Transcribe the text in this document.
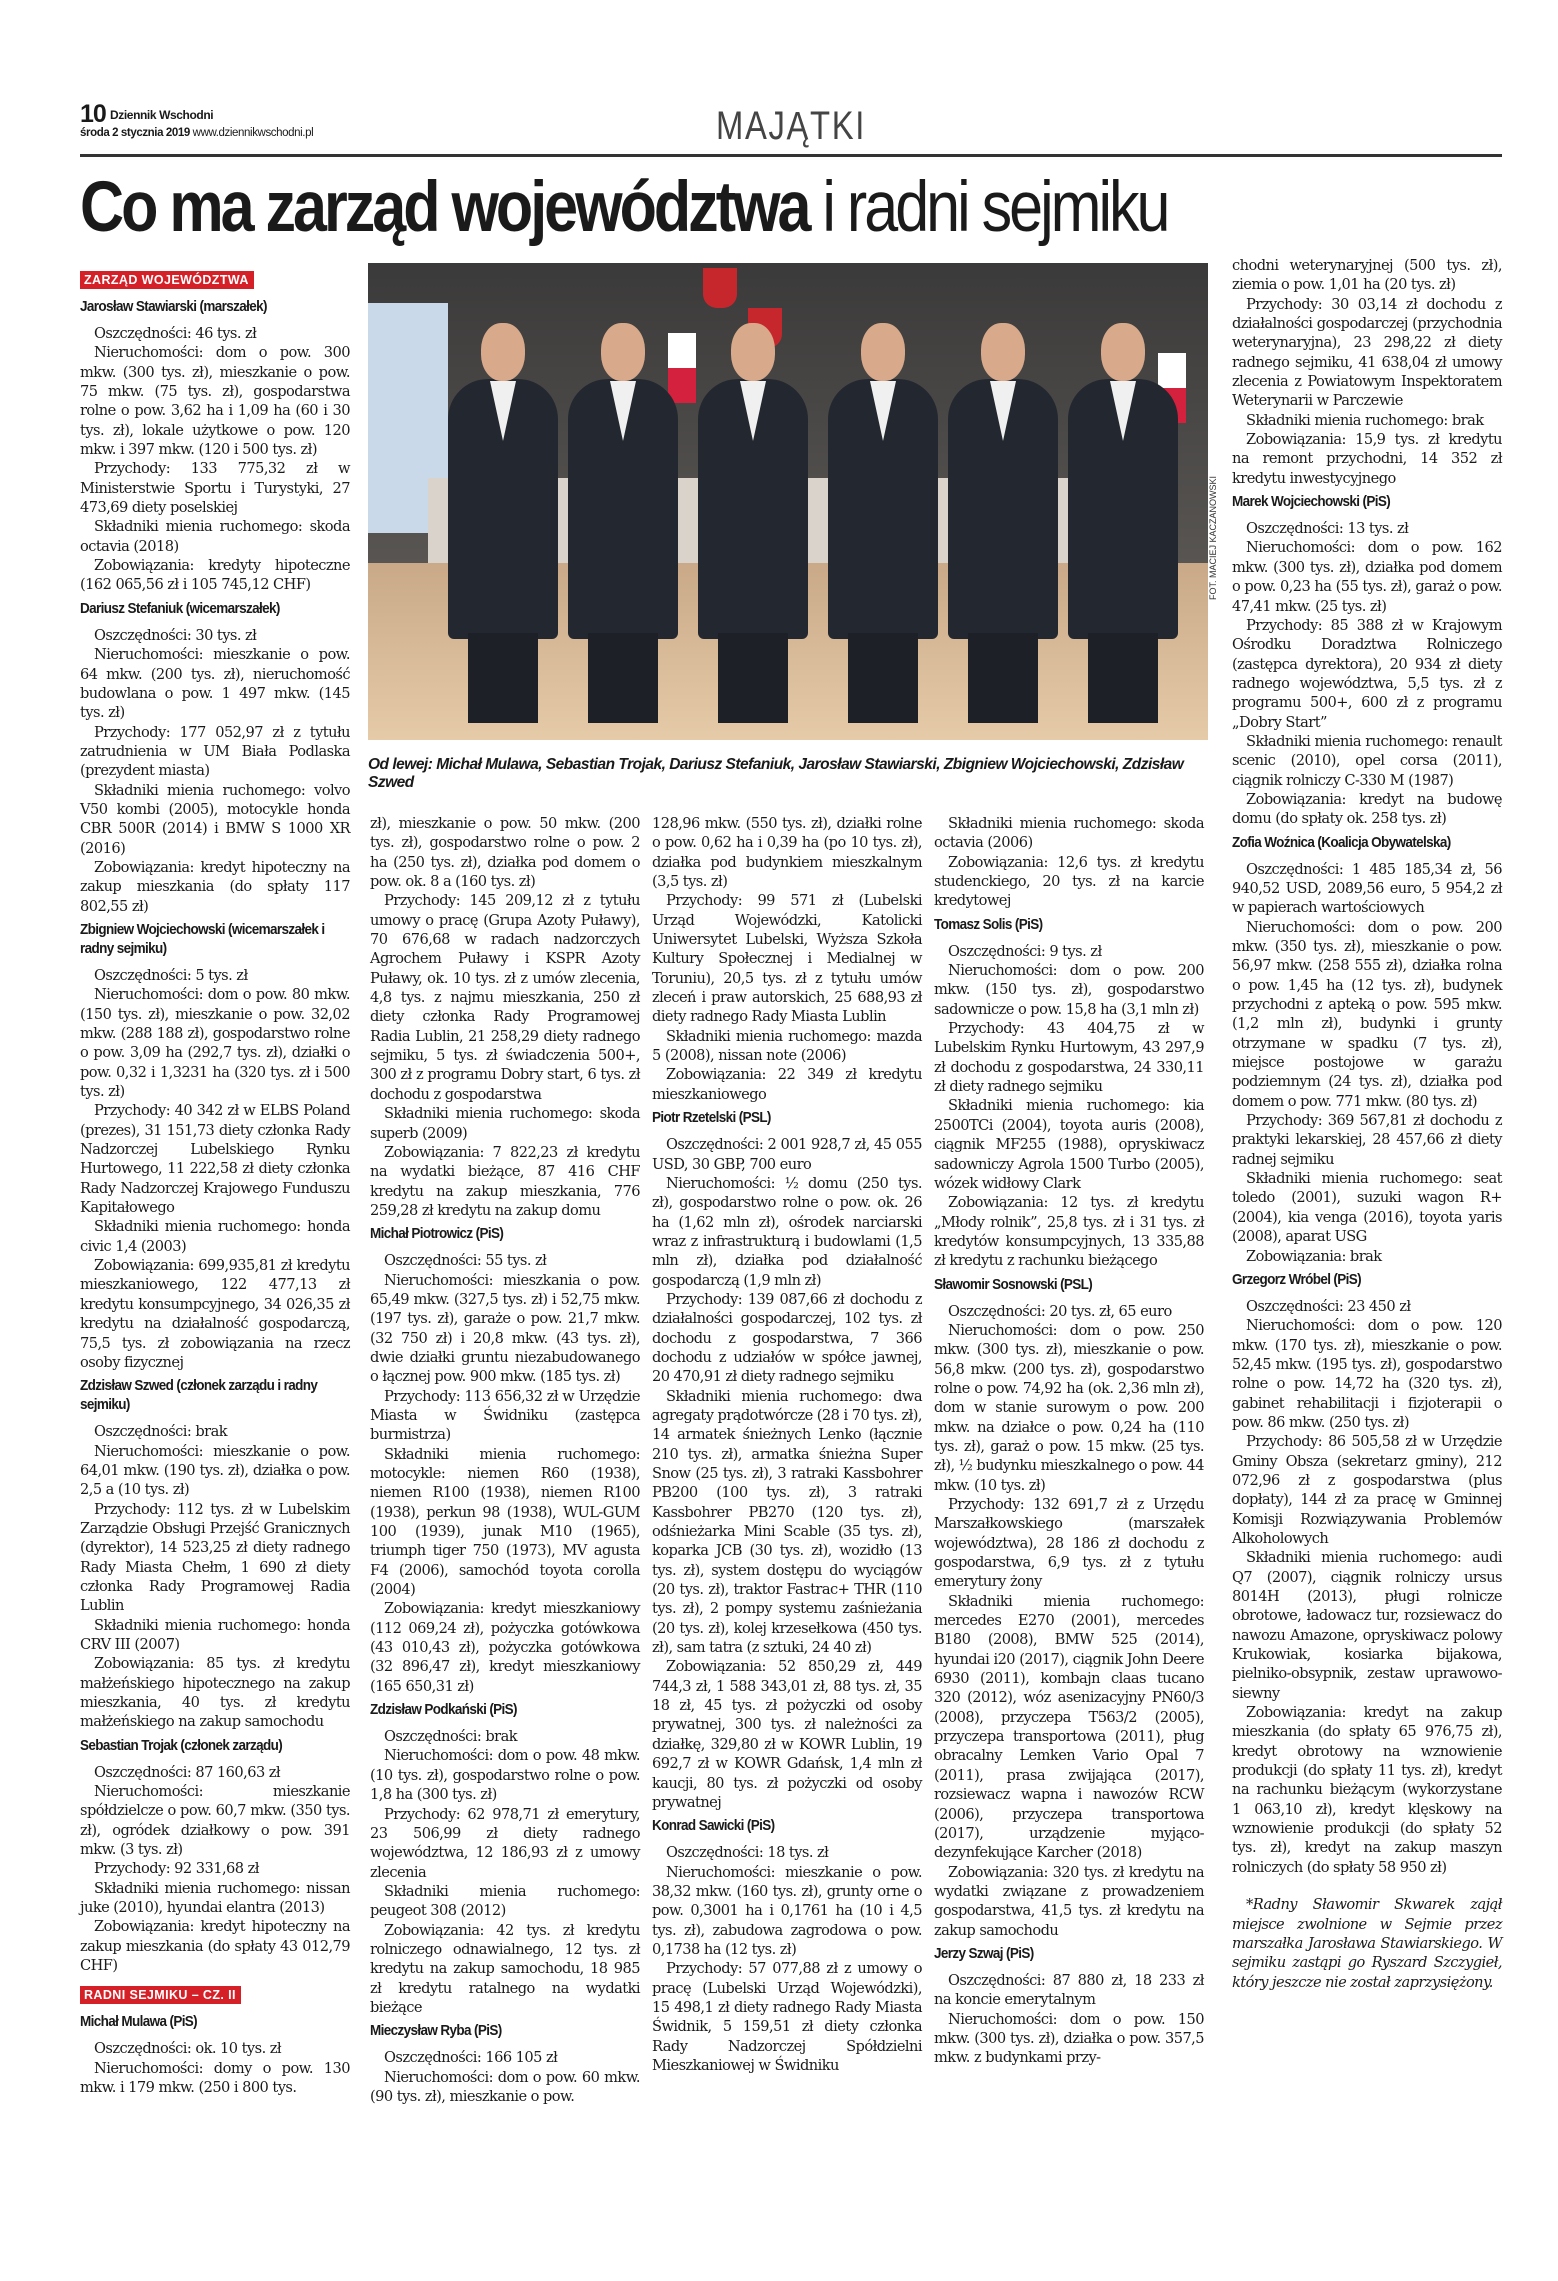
10 Dziennik Wschodni
środa 2 stycznia 2019 www.dziennikwschodni.pl	MAJĄTKI
Co ma zarząd województwa i radni sejmiku
FOT. MACIEJ KACZANOWSKI
Od lewej: Michał Mulawa, Sebastian Trojak, Dariusz Stefaniuk, Jarosław Stawiarski, Zbigniew Wojciechowski, Zdzisław Szwed
ZARZĄD WOJEWÓDZTWA
Jarosław Stawiarski (marszałek)

Oszczędności: 46 tys. zł

Nieruchomości: dom o pow. 300 mkw. (300 tys. zł), mieszkanie o pow. 75 mkw. (75 tys. zł), gospodarstwa rolne o pow. 3,62 ha i 1,09 ha (60 i 30 tys. zł), lokale użytkowe o pow. 120 mkw. i 397 mkw. (120 i 500 tys. zł)

Przychody: 133 775,32 zł w Ministerstwie Sportu i Turystyki, 27 473,69 diety poselskiej

Składniki mienia ruchomego: skoda octavia (2018)

Zobowiązania: kredyty hipoteczne (162 065,56 zł i 105 745,12 CHF)

Dariusz Stefaniuk (wicemarszałek)

Oszczędności: 30 tys. zł

Nieruchomości: mieszkanie o pow. 64 mkw. (200 tys. zł), nieruchomość budowlana o pow. 1 497 mkw. (145 tys. zł)

Przychody: 177 052,97 zł z tytułu zatrudnienia w UM Biała Podlaska (prezydent miasta)

Składniki mienia ruchomego: volvo V50 kombi (2005), motocykle honda CBR 500R (2014) i BMW S 1000 XR (2016)

Zobowiązania: kredyt hipoteczny na zakup mieszkania (do spłaty 117 802,55 zł)

Zbigniew Wojciechowski (wicemarszałek i radny sejmiku)

Oszczędności: 5 tys. zł

Nieruchomości: dom o pow. 80 mkw. (150 tys. zł), mieszkanie o pow. 32,02 mkw. (288 188 zł), gospodarstwo rolne o pow. 3,09 ha (292,7 tys. zł), działki o pow. 0,32 i 1,3231 ha (320 tys. zł i 500 tys. zł)

Przychody: 40 342 zł w ELBS Poland (prezes), 31 151,73 diety członka Rady Nadzorczej Lubelskiego Rynku Hurtowego, 11 222,58 zł diety członka Rady Nadzorczej Krajowego Funduszu Kapitałowego

Składniki mienia ruchomego: honda civic 1,4 (2003)

Zobowiązania: 699,935,81 zł kredytu mieszkaniowego, 122 477,13 zł kredytu konsumpcyjnego, 34 026,35 zł kredytu na działalność gospodarczą, 75,5 tys. zł zobowiązania na rzecz osoby fizycznej

Zdzisław Szwed (członek zarządu i radny sejmiku)

Oszczędności: brak

Nieruchomości: mieszkanie o pow. 64,01 mkw. (190 tys. zł), działka o pow. 2,5 a (10 tys. zł)

Przychody: 112 tys. zł w Lubelskim Zarządzie Obsługi Przejść Granicznych (dyrektor), 14 523,25 zł diety radnego Rady Miasta Chełm, 1 690 zł diety członka Rady Programowej Radia Lublin

Składniki mienia ruchomego: honda CRV III (2007)

Zobowiązania: 85 tys. zł kredytu małżeńskiego hipotecznego na zakup mieszkania, 40 tys. zł kredytu małżeńskiego na zakup samochodu

Sebastian Trojak (członek zarządu)

Oszczędności: 87 160,63 zł

Nieruchomości: mieszkanie spółdzielcze o pow. 60,7 mkw. (350 tys. zł), ogródek działkowy o pow. 391 mkw. (3 tys. zł)

Przychody: 92 331,68 zł

Składniki mienia ruchomego: nissan juke (2010), hyundai elantra (2013)

Zobowiązania: kredyt hipoteczny na zakup mieszkania (do spłaty 43 012,79 CHF)

RADNI SEJMIKU – CZ. II
Michał Mulawa (PiS)

Oszczędności: ok. 10 tys. zł

Nieruchomości: domy o pow. 130 mkw. i 179 mkw. (250 i 800 tys.

zł), mieszkanie o pow. 50 mkw. (200 tys. zł), gospodarstwo rolne o pow. 2 ha (250 tys. zł), działka pod domem o pow. ok. 8 a (160 tys. zł)

Przychody: 145 209,12 zł z tytułu umowy o pracę (Grupa Azoty Puławy), 70 676,68 w radach nadzorczych Agrochem Puławy i KSPR Azoty Puławy, ok. 10 tys. zł z umów zlecenia, 4,8 tys. z najmu mieszkania, 250 zł diety członka Rady Programowej Radia Lublin, 21 258,29 diety radnego sejmiku, 5 tys. zł świadczenia 500+, 300 zł z programu Dobry start, 6 tys. zł dochodu z gospodarstwa

Składniki mienia ruchomego: skoda superb (2009)

Zobowiązania: 7 822,23 zł kredytu na wydatki bieżące, 87 416 CHF kredytu na zakup mieszkania, 776 259,28 zł kredytu na zakup domu

Michał Piotrowicz (PiS)

Oszczędności: 55 tys. zł

Nieruchomości: mieszkania o pow. 65,49 mkw. (327,5 tys. zł) i 52,75 mkw. (197 tys. zł), garaże o pow. 21,7 mkw. (32 750 zł) i 20,8 mkw. (43 tys. zł), dwie działki gruntu niezabudowanego o łącznej pow. 900 mkw. (185 tys. zł)

Przychody: 113 656,32 zł w Urzędzie Miasta w Świdniku (zastępca burmistrza)

Składniki mienia ruchomego: motocykle: niemen R60 (1938), niemen R100 (1938), niemen R100 (1938), perkun 98 (1938), WUL-GUM 100 (1939), junak M10 (1965), triumph tiger 750 (1973), MV agusta F4 (2006), samochód toyota corolla (2004)

Zobowiązania: kredyt mieszkaniowy (112 069,24 zł), pożyczka gotówkowa (43 010,43 zł), pożyczka gotówkowa (32 896,47 zł), kredyt mieszkaniowy (165 650,31 zł)

Zdzisław Podkański (PiS)

Oszczędności: brak

Nieruchomości: dom o pow. 48 mkw. (10 tys. zł), gospodarstwo rolne o pow. 1,8 ha (300 tys. zł)

Przychody: 62 978,71 zł emerytury, 23 506,99 zł diety radnego województwa, 12 186,93 zł z umowy zlecenia

Składniki mienia ruchomego: peugeot 308 (2012)

Zobowiązania: 42 tys. zł kredytu rolniczego odnawialnego, 12 tys. zł kredytu na zakup samochodu, 18 985 zł kredytu ratalnego na wydatki bieżące

Mieczysław Ryba (PiS)

Oszczędności: 166 105 zł

Nieruchomości: dom o pow. 60 mkw. (90 tys. zł), mieszkanie o pow.

128,96 mkw. (550 tys. zł), działki rolne o pow. 0,62 ha i 0,39 ha (po 10 tys. zł), działka pod budynkiem mieszkalnym (3,5 tys. zł)

Przychody: 99 571 zł (Lubelski Urząd Wojewódzki, Katolicki Uniwersytet Lubelski, Wyższa Szkoła Kultury Społecznej i Medialnej w Toruniu), 20,5 tys. zł z tytułu umów zleceń i praw autorskich, 25 688,93 zł diety radnego Rady Miasta Lublin

Składniki mienia ruchomego: mazda 5 (2008), nissan note (2006)

Zobowiązania: 22 349 zł kredytu mieszkaniowego

Piotr Rzetelski (PSL)

Oszczędności: 2 001 928,7 zł, 45 055 USD, 30 GBP, 700 euro

Nieruchomości: ½ domu (250 tys. zł), gospodarstwo rolne o pow. ok. 26 ha (1,62 mln zł), ośrodek narciarski wraz z infrastrukturą i budowlami (1,5 mln zł), działka pod działalność gospodarczą (1,9 mln zł)

Przychody: 139 087,66 zł dochodu z działalności gospodarczej, 102 tys. zł dochodu z gospodarstwa, 7 366 dochodu z udziałów w spółce jawnej, 20 470,91 zł diety radnego sejmiku

Składniki mienia ruchomego: dwa agregaty prądotwórcze (28 i 70 tys. zł), 14 armatek śnieżnych Lenko (łącznie 210 tys. zł), armatka śnieżna Super Snow (25 tys. zł), 3 ratraki Kassbohrer PB200 (100 tys. zł), 3 ratraki Kassbohrer PB270 (120 tys. zł), odśnieżarka Mini Scable (35 tys. zł), koparka JCB (30 tys. zł), wozidło (13 tys. zł), system dostępu do wyciągów (20 tys. zł), traktor Fastrac+ THR (110 tys. zł), 2 pompy systemu zaśnieżania (20 tys. zł), kolej krzesełkowa (450 tys. zł), sam tatra (z sztuki, 24 40 zł)

Zobowiązania: 52 850,29 zł, 449 744,3 zł, 1 588 343,01 zł, 88 tys. zł, 35 18 zł, 45 tys. zł pożyczki od osoby prywatnej, 300 tys. zł należności za działkę, 329,80 zł w KOWR Lublin, 19 692,7 zł w KOWR Gdańsk, 1,4 mln zł kaucji, 80 tys. zł pożyczki od osoby prywatnej

Konrad Sawicki (PiS)

Oszczędności: 18 tys. zł

Nieruchomości: mieszkanie o pow. 38,32 mkw. (160 tys. zł), grunty orne o pow. 0,3001 ha i 0,1761 ha (10 i 4,5 tys. zł), zabudowa zagrodowa o pow. 0,1738 ha (12 tys. zł)

Przychody: 57 077,88 zł z umowy o pracę (Lubelski Urząd Wojewódzki), 15 498,1 zł diety radnego Rady Miasta Świdnik, 5 159,51 zł diety członka Rady Nadzorczej Spółdzielni Mieszkaniowej w Świdniku

Składniki mienia ruchomego: skoda octavia (2006)

Zobowiązania: 12,6 tys. zł kredytu studenckiego, 20 tys. zł na karcie kredytowej

Tomasz Solis (PiS)

Oszczędności: 9 tys. zł

Nieruchomości: dom o pow. 200 mkw. (150 tys. zł), gospodarstwo sadownicze o pow. 15,8 ha (3,1 mln zł)

Przychody: 43 404,75 zł w Lubelskim Rynku Hurtowym, 43 297,9 zł dochodu z gospodarstwa, 24 330,11 zł diety radnego sejmiku

Składniki mienia ruchomego: kia 2500TCi (2004), toyota auris (2008), ciągnik MF255 (1988), opryskiwacz sadowniczy Agrola 1500 Turbo (2005), wózek widłowy Clark

Zobowiązania: 12 tys. zł kredytu „Młody rolnik”, 25,8 tys. zł i 31 tys. zł kredytów konsumpcyjnych, 13 335,88 zł kredytu z rachunku bieżącego

Sławomir Sosnowski (PSL)

Oszczędności: 20 tys. zł, 65 euro

Nieruchomości: dom o pow. 250 mkw. (300 tys. zł), mieszkanie o pow. 56,8 mkw. (200 tys. zł), gospodarstwo rolne o pow. 74,92 ha (ok. 2,36 mln zł), dom w stanie surowym o pow. 200 mkw. na działce o pow. 0,24 ha (110 tys. zł), garaż o pow. 15 mkw. (25 tys. zł), ½ budynku mieszkalnego o pow. 44 mkw. (10 tys. zł)

Przychody: 132 691,7 zł z Urzędu Marszałkowskiego (marszałek województwa), 28 186 zł dochodu z gospodarstwa, 6,9 tys. zł z tytułu emerytury żony

Składniki mienia ruchomego: mercedes E270 (2001), mercedes B180 (2008), BMW 525 (2014), hyundai i20 (2017), ciągnik John Deere 6930 (2011), kombajn claas tucano 320 (2012), wóz asenizacyjny PN60/3 (2008), przyczepa T563/2 (2005), przyczepa transportowa (2011), pług obracalny Lemken Vario Opal 7 (2011), prasa zwijająca (2017), rozsiewacz wapna i nawozów RCW (2006), przyczepa transportowa (2017), urządzenie myjąco-dezynfekujące Karcher (2018)

Zobowiązania: 320 tys. zł kredytu na wydatki związane z prowadzeniem gospodarstwa, 41,5 tys. zł kredytu na zakup samochodu

Jerzy Szwaj (PiS)

Oszczędności: 87 880 zł, 18 233 zł na koncie emerytalnym

Nieruchomości: dom o pow. 150 mkw. (300 tys. zł), działka o pow. 357,5 mkw. z budynkami przy-

chodni weterynaryjnej (500 tys. zł), ziemia o pow. 1,01 ha (20 tys. zł)

Przychody: 30 03,14 zł dochodu z działalności gospodarczej (przychodnia weterynaryjna), 23 298,22 zł diety radnego sejmiku, 41 638,04 zł umowy zlecenia z Powiatowym Inspektoratem Weterynarii w Parczewie

Składniki mienia ruchomego: brak

Zobowiązania: 15,9 tys. zł kredytu na remont przychodni, 14 352 zł kredytu inwestycyjnego

Marek Wojciechowski (PiS)

Oszczędności: 13 tys. zł

Nieruchomości: dom o pow. 162 mkw. (300 tys. zł), działka pod domem o pow. 0,23 ha (55 tys. zł), garaż o pow. 47,41 mkw. (25 tys. zł)

Przychody: 85 388 zł w Krajowym Ośrodku Doradztwa Rolniczego (zastępca dyrektora), 20 934 zł diety radnego województwa, 5,5 tys. zł z programu 500+, 600 zł z programu „Dobry Start”

Składniki mienia ruchomego: renault scenic (2010), opel corsa (2011), ciągnik rolniczy C-330 M (1987)

Zobowiązania: kredyt na budowę domu (do spłaty ok. 258 tys. zł)

Zofia Woźnica (Koalicja Obywatelska)

Oszczędności: 1 485 185,34 zł, 56 940,52 USD, 2089,56 euro, 5 954,2 zł w papierach wartościowych

Nieruchomości: dom o pow. 200 mkw. (350 tys. zł), mieszkanie o pow. 56,97 mkw. (258 555 zł), działka rolna o pow. 1,45 ha (12 tys. zł), budynek przychodni z apteką o pow. 595 mkw. (1,2 mln zł), budynki i grunty otrzymane w spadku (7 tys. zł), miejsce postojowe w garażu podziemnym (24 tys. zł), działka pod domem o pow. 771 mkw. (80 tys. zł)

Przychody: 369 567,81 zł dochodu z praktyki lekarskiej, 28 457,66 zł diety radnej sejmiku

Składniki mienia ruchomego: seat toledo (2001), suzuki wagon R+ (2004), kia venga (2016), toyota yaris (2008), aparat USG

Zobowiązania: brak

Grzegorz Wróbel (PiS)

Oszczędności: 23 450 zł

Nieruchomości: dom o pow. 120 mkw. (170 tys. zł), mieszkanie o pow. 52,45 mkw. (195 tys. zł), gospodarstwo rolne o pow. 14,72 ha (320 tys. zł), gabinet rehabilitacji i fizjoterapii o pow. 86 mkw. (250 tys. zł)

Przychody: 86 505,58 zł w Urzędzie Gminy Obsza (sekretarz gminy), 212 072,96 zł z gospodarstwa (plus dopłaty), 144 zł za pracę w Gminnej Komisji Rozwiązywania Problemów Alkoholowych

Składniki mienia ruchomego: audi Q7 (2007), ciągnik rolniczy ursus 8014H (2013), pługi rolnicze obrotowe, ładowacz tur, rozsiewacz do nawozu Amazone, opryskiwacz polowy Krukowiak, kosiarka bijakowa, pielniko-obsypnik, zestaw uprawowo-siewny

Zobowiązania: kredyt na zakup mieszkania (do spłaty 65 976,75 zł), kredyt obrotowy na wznowienie produkcji (do spłaty 11 tys. zł), kredyt na rachunku bieżącym (wykorzystane 1 063,10 zł), kredyt klęskowy na wznowienie produkcji (do spłaty 52 tys. zł), kredyt na zakup maszyn rolniczych (do spłaty 58 950 zł)

*Radny Sławomir Skwarek zajął miejsce zwolnione w Sejmie przez marszałka Jarosława Stawiarskiego. W sejmiku zastąpi go Ryszard Szczygieł, który jeszcze nie został zaprzysiężony.
